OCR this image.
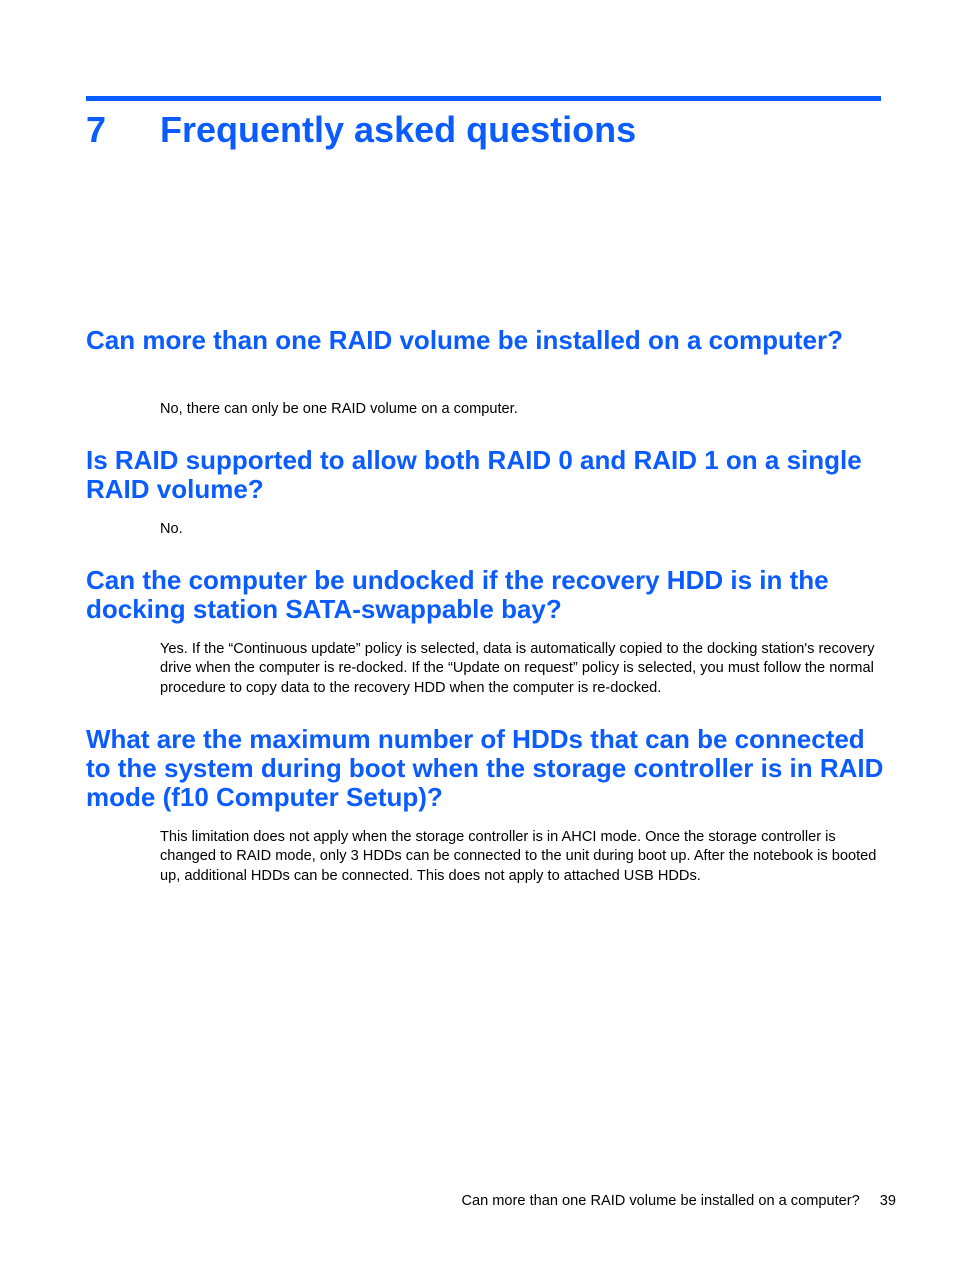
7 Frequently asked questions
Can more than one RAID volume be installed on a computer?

No, there can only be one RAID volume on a computer.

Is RAID supported to allow both RAID 0 and RAID 1 on a single RAID volume?

No.

Can the computer be undocked if the recovery HDD is in the docking station SATA-swappable bay?

Yes. If the “Continuous update” policy is selected, data is automatically copied to the docking station's recovery drive when the computer is re-docked. If the “Update on request” policy is selected, you must follow the normal procedure to copy data to the recovery HDD when the computer is re-docked.

What are the maximum number of HDDs that can be connected to the system during boot when the storage controller is in RAID mode (f10 Computer Setup)?

This limitation does not apply when the storage controller is in AHCI mode. Once the storage controller is changed to RAID mode, only 3 HDDs can be connected to the unit during boot up. After the notebook is booted up, additional HDDs can be connected. This does not apply to attached USB HDDs.

Can more than one RAID volume be installed on a computer? 39
